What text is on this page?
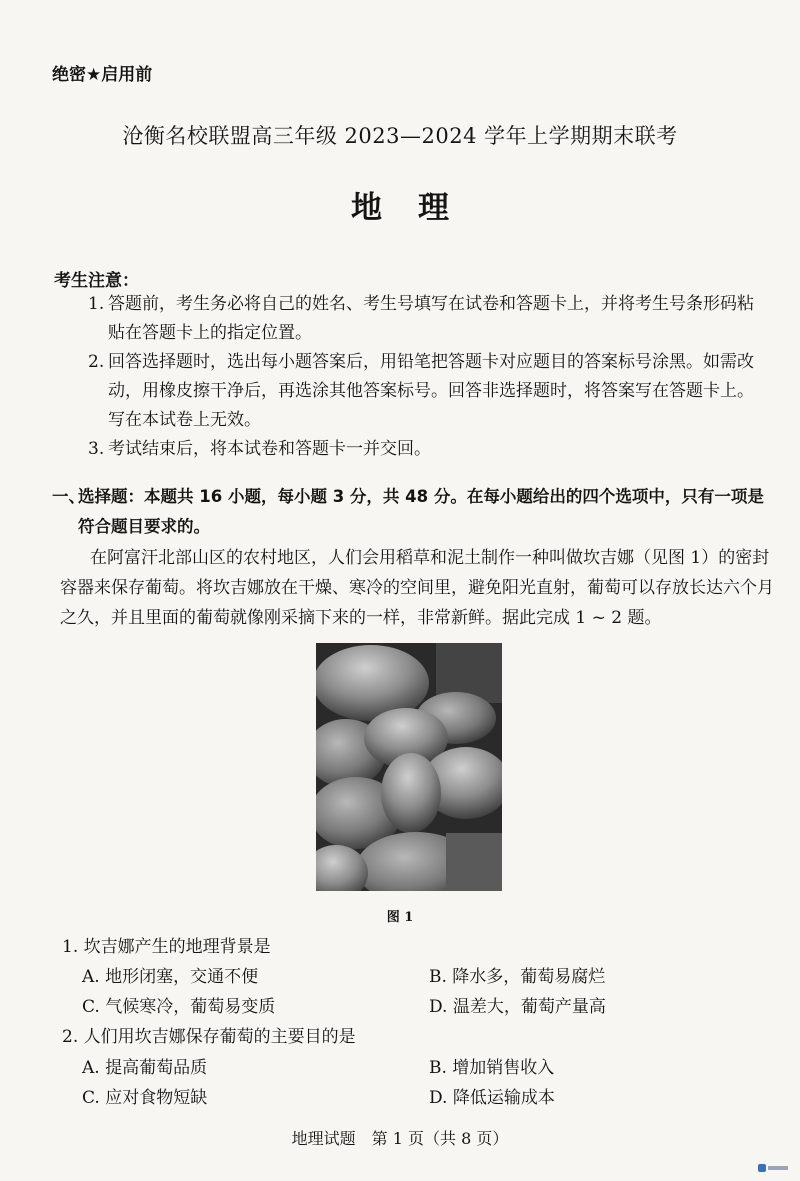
绝密★启用前
沧衡名校联盟高三年级 2023—2024 学年上学期期末联考
地理
考生注意：
1. 答题前，考生务必将自己的姓名、考生号填写在试卷和答题卡上，并将考生号条形码粘贴在答题卡上的指定位置。
2. 回答选择题时，选出每小题答案后，用铅笔把答题卡对应题目的答案标号涂黑。如需改动，用橡皮擦干净后，再选涂其他答案标号。回答非选择题时，将答案写在答题卡上。写在本试卷上无效。
3. 考试结束后，将本试卷和答题卡一并交回。
一、
选择题：本题共 16 小题，每小题 3 分，共 48 分。在每小题给出的四个选项中，只有一项是符合题目要求的。
在阿富汗北部山区的农村地区，人们会用稻草和泥土制作一种叫做坎吉娜（见图 1）的密封容器来保存葡萄。将坎吉娜放在干燥、寒冷的空间里，避免阳光直射，葡萄可以存放长达六个月之久，并且里面的葡萄就像刚采摘下来的一样，非常新鲜。据此完成 1 ~ 2 题。
图 1
1. 坎吉娜产生的地理背景是
A. 地形闭塞，交通不便	B. 降水多，葡萄易腐烂
C. 气候寒冷，葡萄易变质	D. 温差大，葡萄产量高
2. 人们用坎吉娜保存葡萄的主要目的是
A. 提高葡萄品质	B. 增加销售收入
C. 应对食物短缺	D. 降低运输成本
地理试题　第 1 页（共 8 页）
